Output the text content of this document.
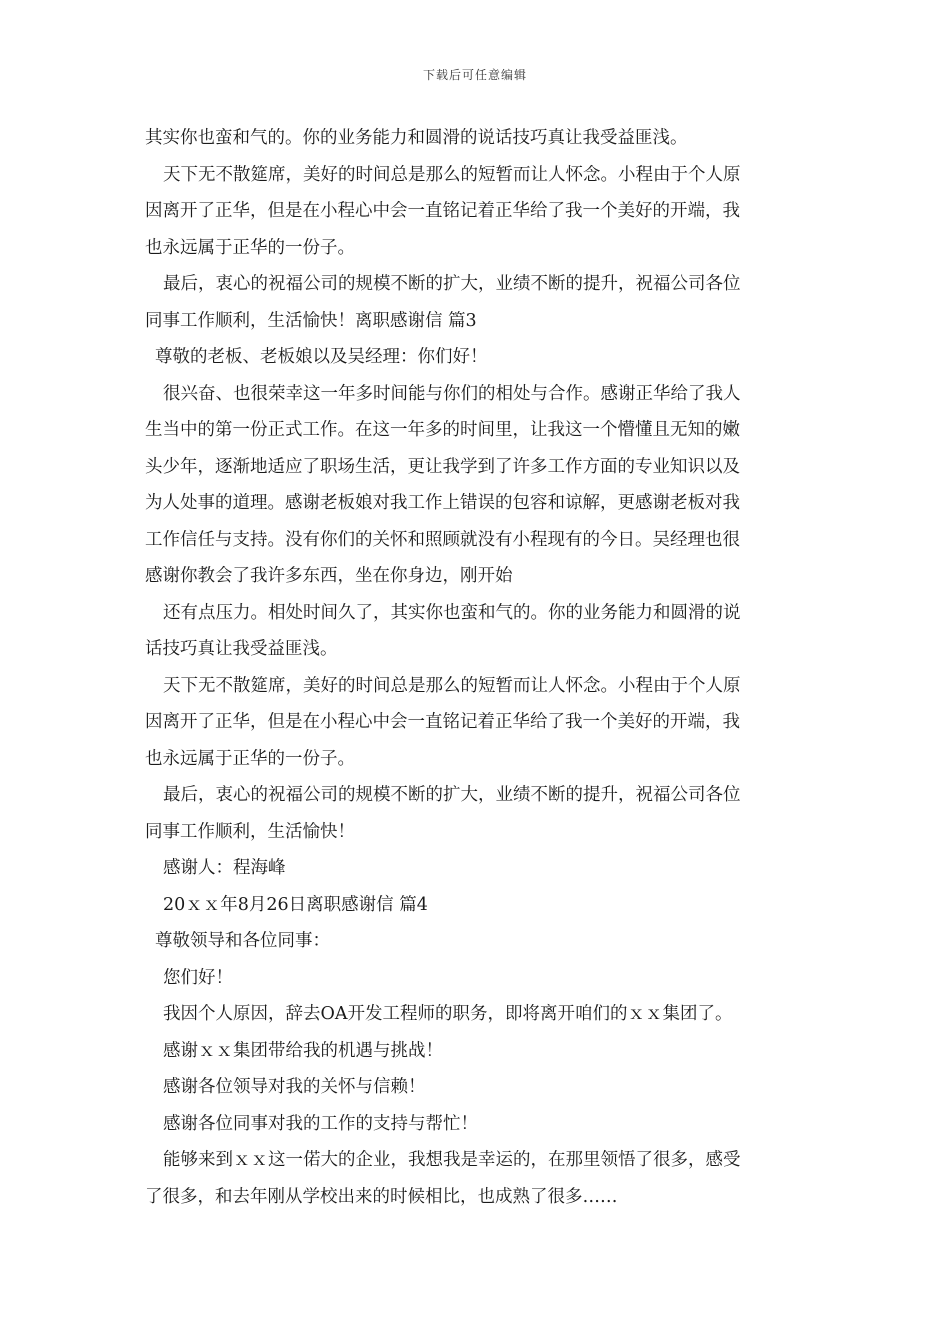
下载后可任意编辑
其实你也蛮和气的。你的业务能力和圆滑的说话技巧真让我受益匪浅。
天下无不散筵席，美好的时间总是那么的短暂而让人怀念。小程由于个人原
因离开了正华，但是在小程心中会一直铭记着正华给了我一个美好的开端，我
也永远属于正华的一份子。
最后，衷心的祝福公司的规模不断的扩大，业绩不断的提升，祝福公司各位
同事工作顺利，生活愉快！离职感谢信 篇3
尊敬的老板、老板娘以及吴经理：你们好！
很兴奋、也很荣幸这一年多时间能与你们的相处与合作。感谢正华给了我人
生当中的第一份正式工作。在这一年多的时间里，让我这一个懵懂且无知的嫩
头少年，逐渐地适应了职场生活，更让我学到了许多工作方面的专业知识以及
为人处事的道理。感谢老板娘对我工作上错误的包容和谅解，更感谢老板对我
工作信任与支持。没有你们的关怀和照顾就没有小程现有的今日。吴经理也很
感谢你教会了我许多东西，坐在你身边，刚开始
还有点压力。相处时间久了，其实你也蛮和气的。你的业务能力和圆滑的说
话技巧真让我受益匪浅。
天下无不散筵席，美好的时间总是那么的短暂而让人怀念。小程由于个人原
因离开了正华，但是在小程心中会一直铭记着正华给了我一个美好的开端，我
也永远属于正华的一份子。
最后，衷心的祝福公司的规模不断的扩大，业绩不断的提升，祝福公司各位
同事工作顺利，生活愉快！
感谢人：程海峰
20ｘｘ年8月26日离职感谢信 篇4
尊敬领导和各位同事：
您们好！
我因个人原因，辞去OA开发工程师的职务，即将离开咱们的ｘｘ集团了。
感谢ｘｘ集团带给我的机遇与挑战！
感谢各位领导对我的关怀与信赖！
感谢各位同事对我的工作的支持与帮忙！
能够来到ｘｘ这一偌大的企业，我想我是幸运的，在那里领悟了很多，感受
了很多，和去年刚从学校出来的时候相比，也成熟了很多……
